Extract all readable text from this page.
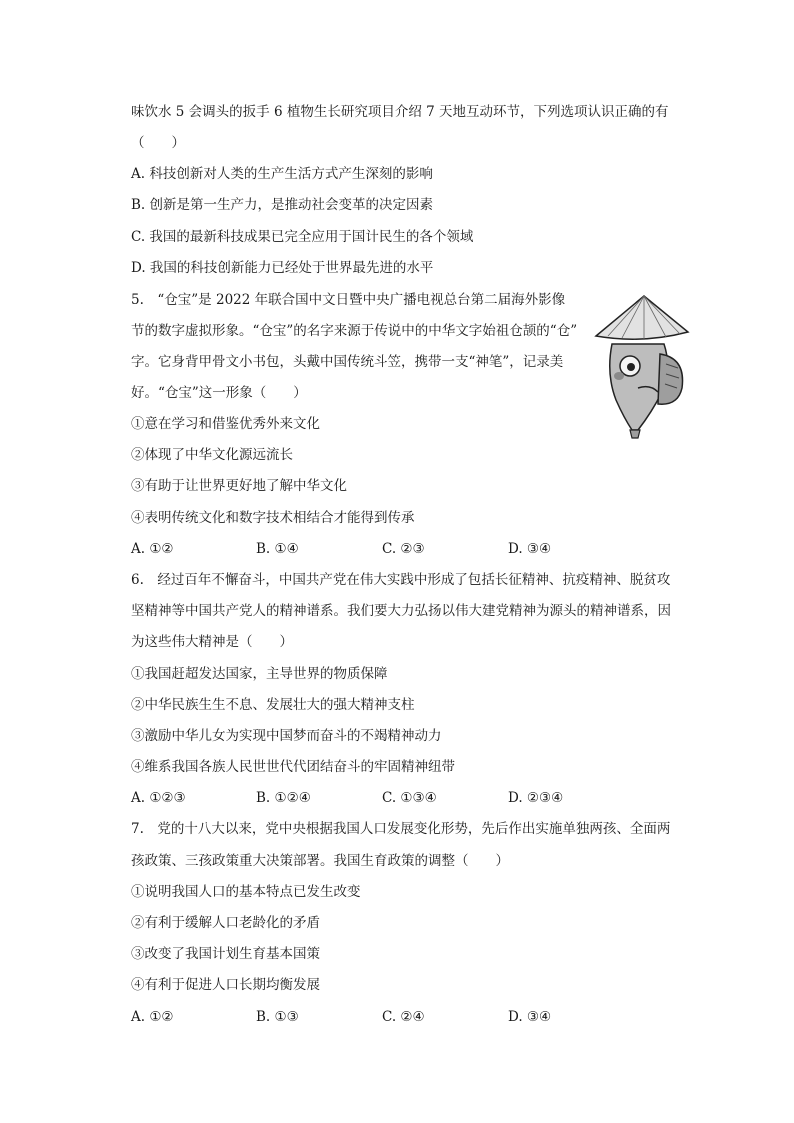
味饮水 5 会调头的扳手 6 植物生长研究项目介绍 7 天地互动环节，下列选项认识正确的有
（　　）
A. 科技创新对人类的生产生活方式产生深刻的影响
B. 创新是第一生产力，是推动社会变革的决定因素
C. 我国的最新科技成果已完全应用于国计民生的各个领域
D. 我国的科技创新能力已经处于世界最先进的水平
5.　“仓宝”是 2022 年联合国中文日暨中央广播电视总台第二届海外影像
节的数字虚拟形象。“仓宝”的名字来源于传说中的中华文字始祖仓颉的“仓”
字。它身背甲骨文小书包，头戴中国传统斗笠，携带一支“神笔”，记录美
好。“仓宝”这一形象（　　）
①意在学习和借鉴优秀外来文化
②体现了中华文化源远流长
③有助于让世界更好地了解中华文化
④表明传统文化和数字技术相结合才能得到传承
A. ①②	B. ①④	C. ②③	D. ③④
6.　经过百年不懈奋斗，中国共产党在伟大实践中形成了包括长征精神、抗疫精神、脱贫攻
坚精神等中国共产党人的精神谱系。我们要大力弘扬以伟大建党精神为源头的精神谱系，因
为这些伟大精神是（　　）
①我国赶超发达国家，主导世界的物质保障
②中华民族生生不息、发展壮大的强大精神支柱
③激励中华儿女为实现中国梦而奋斗的不竭精神动力
④维系我国各族人民世世代代团结奋斗的牢固精神纽带
A. ①②③	B. ①②④	C. ①③④	D. ②③④
7.　党的十八大以来，党中央根据我国人口发展变化形势，先后作出实施单独两孩、全面两
孩政策、三孩政策重大决策部署。我国生育政策的调整（　　）
①说明我国人口的基本特点已发生改变
②有利于缓解人口老龄化的矛盾
③改变了我国计划生育基本国策
④有利于促进人口长期均衡发展
A. ①②	B. ①③	C. ②④	D. ③④
